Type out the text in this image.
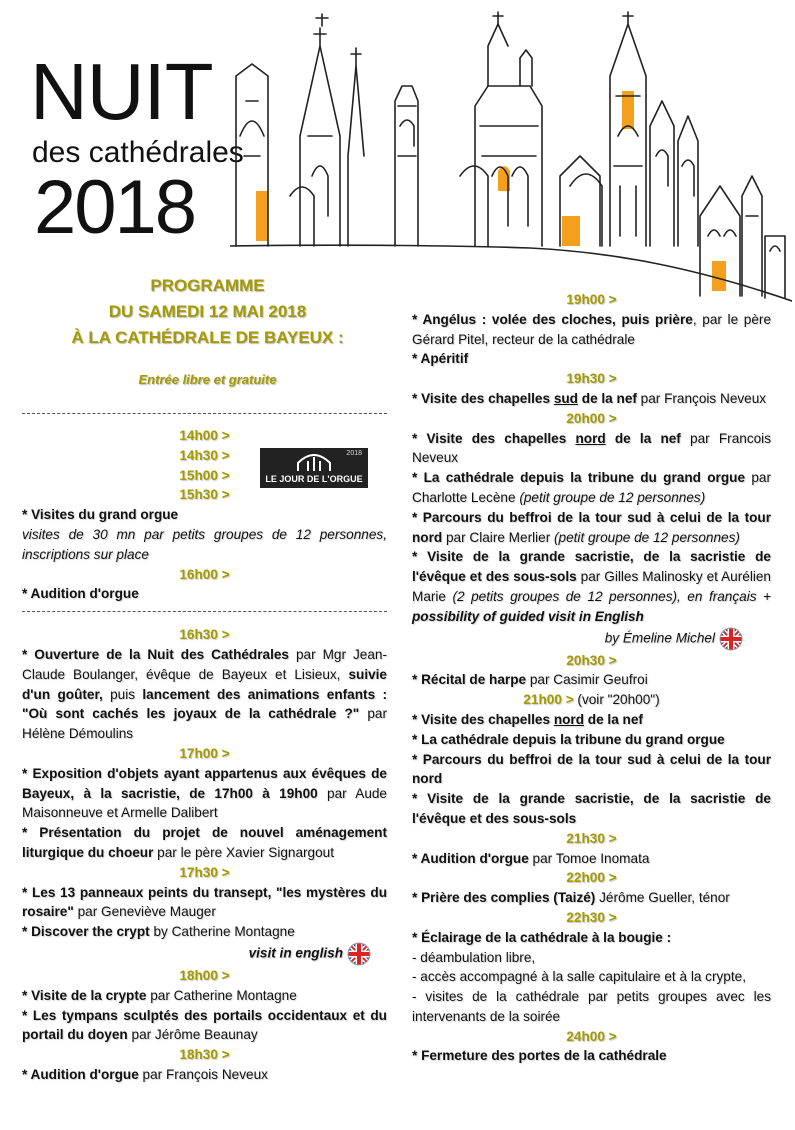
NUIT
des cathédrales
2018
PROGRAMME
DU SAMEDI 12 MAI 2018
À LA CATHÉDRALE DE BAYEUX :
Entrée libre et gratuite
2018
LE JOUR DE L'ORGUE
14h00 >
14h30 >
15h00 >
15h30 >
* Visites du grand orgue
visites de 30 mn par petits groupes de 12 personnes, inscriptions sur place
16h00 >
* Audition d'orgue
16h30 >
* Ouverture de la Nuit des Cathédrales par Mgr Jean-Claude Boulanger, évêque de Bayeux et Lisieux, suivie d'un goûter, puis lancement des animations enfants : "Où sont cachés les joyaux de la cathédrale ?" par Hélène Démoulins
17h00 >
* Exposition d'objets ayant appartenus aux évêques de Bayeux, à la sacristie, de 17h00 à 19h00 par Aude Maisonneuve et Armelle Dalibert
* Présentation du projet de nouvel aménagement liturgique du choeur par le père Xavier Signargout
17h30 >
* Les 13 panneaux peints du transept, "les mystères du rosaire" par Geneviève Mauger
* Discover the crypt by Catherine Montagne
visit in english
18h00 >
* Visite de la crypte par Catherine Montagne
* Les tympans sculptés des portails occidentaux et du portail du doyen par Jérôme Beaunay
18h30 >
* Audition d'orgue par François Neveux
19h00 >
* Angélus : volée des cloches, puis prière, par le père Gérard Pitel, recteur de la cathédrale
* Apéritif
19h30 >
* Visite des chapelles sud de la nef par François Neveux
20h00 >
* Visite des chapelles nord de la nef par Francois Neveux
* La cathédrale depuis la tribune du grand orgue par Charlotte Lecène (petit groupe de 12 personnes)
* Parcours du beffroi de la tour sud à celui de la tour nord par Claire Merlier (petit groupe de 12 personnes)
* Visite de la grande sacristie, de la sacristie de l'évêque et des sous-sols par Gilles Malinosky et Aurélien Marie (2 petits groupes de 12 personnes), en français + possibility of guided visit in English
by Émeline Michel
20h30 >
* Récital de harpe par Casimir Geufroi
21h00 > (voir "20h00")
* Visite des chapelles nord de la nef
* La cathédrale depuis la tribune du grand orgue
* Parcours du beffroi de la tour sud à celui de la tour nord
* Visite de la grande sacristie, de la sacristie de l'évêque et des sous-sols
21h30 >
* Audition d'orgue par Tomoe Inomata
22h00 >
* Prière des complies (Taizé) Jérôme Gueller, ténor
22h30 >
* Éclairage de la cathédrale à la bougie :
- déambulation libre,
- accès accompagné à la salle capitulaire et à la crypte,
- visites de la cathédrale par petits groupes avec les intervenants de la soirée
24h00 >
* Fermeture des portes de la cathédrale
